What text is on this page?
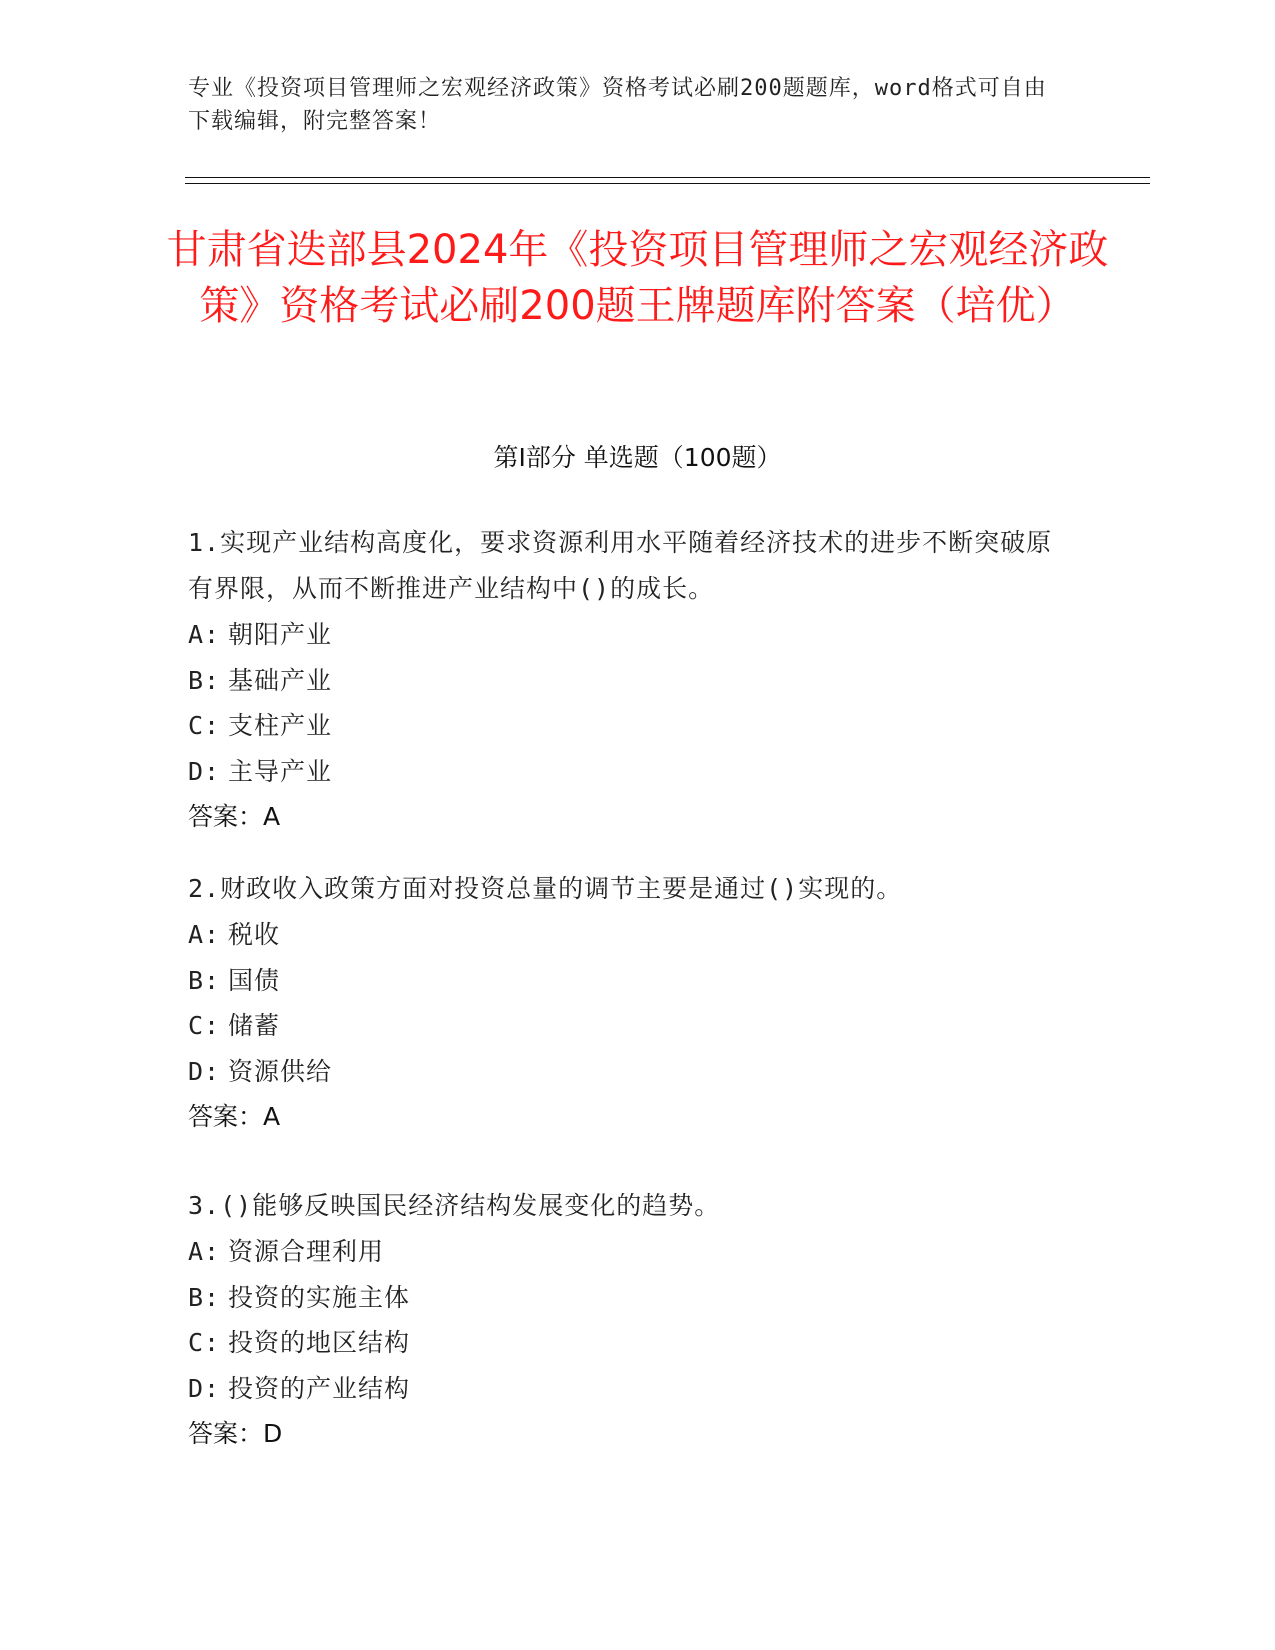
专业《投资项目管理师之宏观经济政策》资格考试必刷200题题库，word格式可自由下载编辑，附完整答案！
甘肃省迭部县2024年《投资项目管理师之宏观经济政策》资格考试必刷200题王牌题库附答案（培优）
第Ⅰ部分 单选题（100题）
1.实现产业结构高度化，要求资源利用水平随着经济技术的进步不断突破原有界限，从而不断推进产业结构中()的成长。
A: 朝阳产业
B: 基础产业
C: 支柱产业
D: 主导产业
答案：A
2.财政收入政策方面对投资总量的调节主要是通过()实现的。
A: 税收
B: 国债
C: 储蓄
D: 资源供给
答案：A
3.()能够反映国民经济结构发展变化的趋势。
A: 资源合理利用
B: 投资的实施主体
C: 投资的地区结构
D: 投资的产业结构
答案：D
